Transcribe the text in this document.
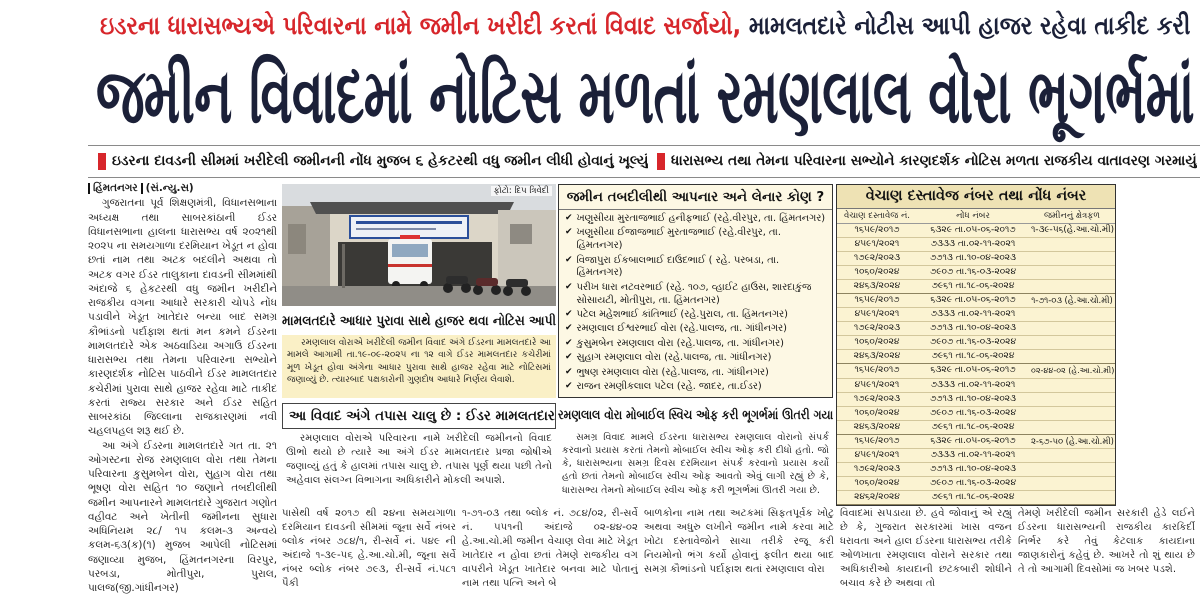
ઇડરના ધારાસભ્યએ પરિવારના નામે જમીન ખરીદી કરતાં વિવાદ સર્જાયો, મામલતદારે નોટીસ આપી હાજર રહેવા તાકીદ કરી
જમીન વિવાદમાં નોટિસ મળતાં રમણલાલ વોરા ભૂગર્ભમાં
ઇડરના દાવડની સીમમાં ખરીદેલી જમીનની નોંધ મુજબ ૬ હેકટરથી વધુ જમીન લીધી હોવાનું ખૂલ્યું ધારાસભ્ય તથા તેમના પરિવારના સભ્યોને કારણદર્શક નોટિસ મળતા રાજકીય વાતાવરણ ગરમાયું
હિંમતનગર (સં.ન્યુ.સ)

ગુજરાતના પૂર્વ શિક્ષણમંત્રી, વિધાનસભાના અધ્યક્ષ તથા સાબરકાંઠાની ઈડર વિધાનસભાના હાલના ધારાસભ્ય વર્ષ ૨૦૨૧થી ૨૦૨૫ ના સમયગાળા દરમિયાન ખેડૂત ન હોવા છતાં નામ તથા અટક બદલીને અથવા તો અટક વગર ઈડર તાલુકાના દાવડની સીમમાંથી અંદાજે ૬ હેકટરથી વધુ જમીન ખરીદીને રાજકીય વગના આધારે સરકારી ચોપડે નોંધ પડાવીને ખેડૂત ખાતેદાર બન્યા બાદ સમગ્ર કૌભાંડનો પર્દાફાશ થતાં મન કમને ઈડરના મામલતદારે એક અઠવાડિયા અગાઉ ઈડરના ધારાસભ્ય તથા તેમના પરિવારના સભ્યોને કારણદર્શક નોટિસ પાઠવીને ઈડર મામલતદાર કચેરીમાં પુરાવા સાથે હાજર રહેવા માટે તાકીદ કરતાં રાજ્ય સરકાર અને ઈડર સહિત સાબરકાંઠા જિલ્લાના રાજકારણમાં નવી ચહલપહલ શરૂ થઈ છે.

આ અંગે ઈડરના મામલતદારે ગત તા. ૨૧ ઓગસ્ટના રોજ રમણલાલ વોરા તથા તેમના પરિવારના કુસુમબેન વોરા, સુહાગ વોરા તથા ભૂષણ વોરા સહિત ૧૦ જણાને તબદીલીથી જમીન આપનારને મામલતદારે ગુજરાત ગણોત વહીવટ અને ખેતીની જમીનના સુધારા અધિનિયમ ૨૮/ ૧૫ કલમ-૩ અન્વયે કલમ-૬૩(ક)(૧) મુજબ આપેલી નોટિસમાં જણાવ્યા મુજબ, હિંમતનગરના વિરપુર, પરબડા, મોતીપુરા, પુરાલ, પાલજ(જી.ગાંધીનગર)

ફોટો: દિપ ત્રિવેદી
મામલતદારે આધાર પુરાવા સાથે હાજર થવા નોટિસ આપી

રમણલાલ વોરાએ ખરીદેલી જમીન વિવાદ અંગે ઈડરના મામલતદારે આ મામલે આગામી તા.૧૯-૦૯-૨૦૨૫ ના ૧૨ વાગે ઈડર મામલતદાર કચેરીમાં મૂળ ખેડૂત હોવા અંગેના આધાર પુરાવા સાથે હાજર રહેવા માટે નોટિસમાં જણાવ્યું છે. ત્યારબાદ પક્ષકારોની ગુણદોષ આધારે નિર્ણય લેવાશે.

આ વિવાદ અંગે તપાસ ચાલુ છે : ઈડર મામલતદાર

રમણલાલ વોરાએ પરિવારના નામે ખરીદેલી જમીનનો વિવાદ ઊભો થયો છે ત્યારે આ અંગે ઈડર મામલતદાર પ્રજા જોષીએ જણાવ્યું હતું કે હાલમાં તપાસ ચાલુ છે. તપાસ પૂર્ણ થયા પછી તેનો અહેવાલ સંલગ્ન વિભાગના અધિકારીને મોકલી અપાશે.

જમીન તબદીલીથી આપનાર અને લેનાર કોણ ?
✔ ખણુસીયા મુરતાજભાઈ હનીફભાઈ (રહે.વીરપુર, તા. હિંમતનગર)
✔ ખણુસીયા ઈજાજભાઈ મુરતાજભાઈ (રહે.વીરપુર, તા. હિંમતનગર)
✔ વિજાપુરા ઈકબાલભાઈ દાઉદભાઈ ( રહે. પરબડા, તા. હિંમતનગર)
✔ પરીખ ધારા નટવરભાઈ (રહે. ૧૦૭, વ્હાઈટ હાઉસ, શારદાકુંજ સોસાયટી, મોતીપુરા, તા. હિંમતનગર)
✔ પટેલ મહેશભાઈ કાંતિભાઈ (રહે.પુરાલ, તા. હિંમતનગર)
✔ રમણલાલ ઈશ્વરભાઈ વોરા (રહે.પાલજ, તા. ગાંધીનગર)
✔ કુસુમબેન રમણલાલ વોરા (રહે.પાલજ, તા. ગાંધીનગર)
✔ સુહાગ રમણલાલ વોરા (રહે.પાલજ, તા. ગાંધીનગર)
✔ ભુષણ રમણલાલ વોરા (રહે.પાલજ, તા. ગાંધીનગર)
✔ રાજન રમણીકલાલ પટેલ (રહે. જાદર, તા.ઈડર)
રમણલાલ વોરા મોબાઈલ સ્વિચ ઓફ કરી ભૂગર્ભમાં ઊતરી ગયા

સમગ્ર વિવાદ મામલે ઈડરના ધારાસભ્ય રમણલાલ વોરાનો સંપર્ક કરવાનો પ્રયાસ કરતાં તેમનો મોબાઈલ સ્વીચ ઓફ કરી દીધો હતો. જો કે, ધારાસભ્યના સમગ્ર દિવસ દરમિયાન સંપર્ક કરવાનો પ્રયાસ કર્યો હતો છતાં તેમનો મોબાઈલ સ્વીચ ઓફ આવતો એવું લાગી રહ્યું છે કે, ધારાસભ્ય તેમનો મોબાઈલ સ્વીચ ઓફ કરી ભૂગર્ભમાં ઊતરી ગયા છે.

વેચાણ દસ્તાવેજ નંબર તથા નોંધ નંબર
વેચાણ દસ્તાવેજ નં.	નોંધ નંબર	જમીનનું ક્ષેત્રફળ
૧૬૫૯/૨૦૧૭	૬૩૨૯ તા.૦૫-૦૬-૨૦૧૭	૧-૩૯-૫૬(હે.આ.ચો.મી)
૪૫૯૧/૨૦૨૧	૭૩૩૩ તા.૦૨-૧૧-૨૦૨૧
૧૭૯૨/૨૦૨૩	૭૭૧૩ તા.૧૦-૦૪-૨૦૨૩
૧૦૬૦/૨૦૨૪	૭૯૦૭ તા.૧૬-૦૩-૨૦૨૪
૨૪૬૩/૨૦૨૪	૭૯૬૧ તા.૧૮-૦૬-૨૦૨૪
૧૬૫૯/૨૦૧૭	૬૩૨૯ તા.૦૫-૦૬-૨૦૧૭	૧-૭૧-૦૩ (હે.આ.ચો.મી)
૪૫૯૧/૨૦૨૧	૭૩૩૩ તા.૦૨-૧૧-૨૦૨૧
૧૭૯૨/૨૦૨૩	૭૭૧૩ તા.૧૦-૦૪-૨૦૨૩
૧૦૬૦/૨૦૨૪	૭૯૦૭ તા.૧૬-૦૩-૨૦૨૪
૨૪૬૩/૨૦૨૪	૭૯૬૧ તા.૧૮-૦૬-૨૦૨૪
૧૬૫૯/૨૦૧૭	૬૩૨૯ તા.૦૫-૦૬-૨૦૧૭	૦૨-૪૪-૦૨ (હે.આ.ચો.મી)
૪૫૯૧/૨૦૨૧	૭૩૩૩ તા.૦૨-૧૧-૨૦૨૧
૧૭૯૨/૨૦૨૩	૭૭૧૩ તા.૧૦-૦૪-૨૦૨૩
૧૦૬૦/૨૦૨૪	૭૯૦૭ તા.૧૬-૦૩-૨૦૨૪
૨૪૬૩/૨૦૨૪	૭૯૬૧ તા.૧૮-૦૬-૨૦૨૪
૧૬૫૯/૨૦૧૭	૬૩૨૯ તા.૦૫-૦૬-૨૦૧૭	૨-૬૭-૫૦ (હે.આ.ચો.મી)
૪૫૯૧/૨૦૨૧	૭૩૩૩ તા.૦૨-૧૧-૨૦૨૧
૧૭૯૨/૨૦૨૩	૭૭૧૩ તા.૧૦-૦૪-૨૦૨૩
૧૦૬૦/૨૦૨૪	૭૯૦૭ તા.૧૬-૦૩-૨૦૨૪
૨૪૬૨/૨૦૨૪	૭૯૬૧ તા.૧૮-૦૬-૨૦૨૪

પાસેથી વર્ષ ૨૦૧૭ થી ૨૪ના સમયગાળા દરમિયાન દાવડની સીમમાં જૂના સર્વે નંબર બ્લોક નંબર ૭૮૪/૧, રી-સર્વે નં. ૫૪૯ ની અંદાજે ૧-૩૯-૫૬ હે.આ.ચો.મી, જૂના સર્વે નંબર બ્લોક નંબર ૭૯૩, રી-સર્વે નં.૫૮૧ પૈકી

૧-૭૧-૦૩ તથા બ્લોક નં. ૭૮૪/૦૨, રી-સર્વે નં. ૫૫૧ની અંદાજે ૦૨-૪૪-૦૨ હે.આ.ચો.મી જમીન વેચાણ લેવા માટે ખેડૂત ખાતેદાર ન હોવા છતાં તેમણે રાજકીય વગ વાપરીને ખેડૂત ખાતેદાર બનવા માટે પોતાનું નામ તથા પત્નિ અને બે

બાળકોના નામ તથા અટકમાં સિફતપૂર્વક ખોટુ અથવા અધુરુ લખીને જમીન નામે કરવા માટે ખોટા દસ્તાવેજોને સાચા તરીકે રજૂ કરી નિયમોનો ભંગ કર્યો હોવાનું ફલીત થયા બાદ સમગ્ર કૌભાંડનો પર્દાફાશ થતાં રમણલાલ વોરા

વિવાદમાં સપડાયા છે. હવે જોવાનું એ રહ્યું છે કે, ગુજરાત સરકારમાં ખાસ વજન ધરાવતા અને હાલ ઈડરના ધારાસભ્ય તરીકે ઓળખાતા રમણલાલ વોરાને સરકાર તથા અધિકારીઓ કાયદાની છટકબારી શોધીને બચાવ કરે છે અથવા તો

તેમણે ખરીદેલી જમીન સરકારી હેડે લઈને ઈડરના ધારાસભ્યની રાજકીય કારકિર્દી નિર્ભર કરે તેવું કેટલાક કાયદાના જાણકારોનું કહેવું છે. આખરે તો શું થાય છે તે તો આગામી દિવસોમાં જ ખબર પડશે.
